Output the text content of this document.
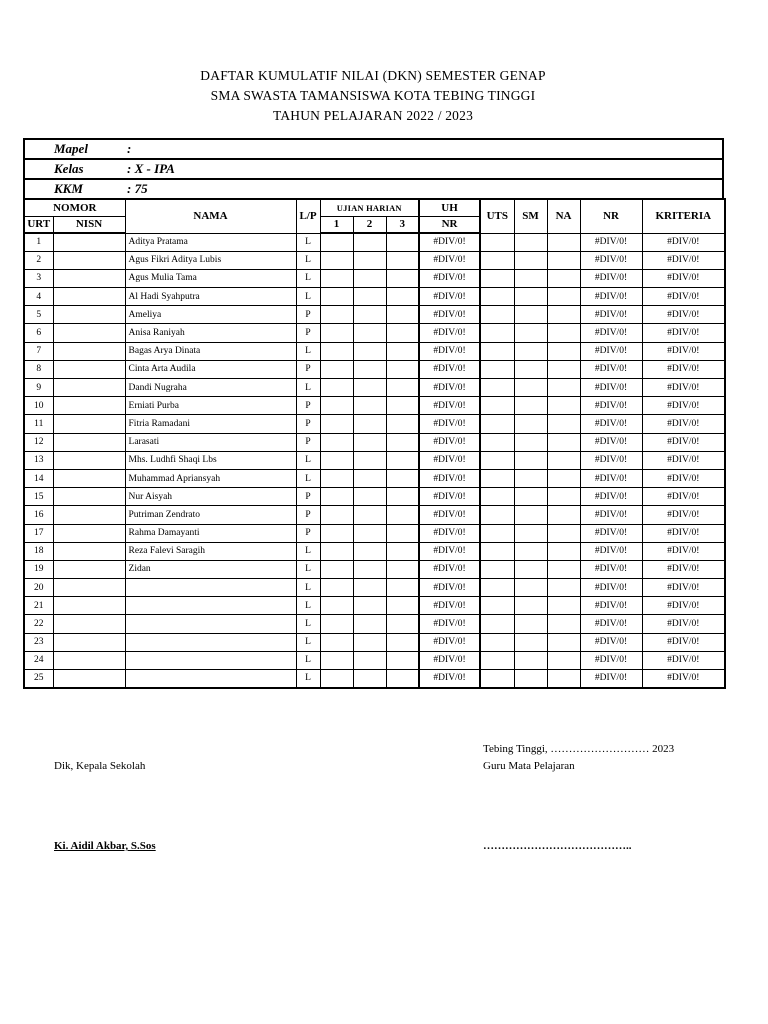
DAFTAR KUMULATIF NILAI (DKN) SEMESTER GENAP
SMA SWASTA TAMANSISWA KOTA TEBING TINGGI
TAHUN PELAJARAN 2022 / 2023
Mapel	:
Kelas	: X - IPA
KKM	: 75
NOMOR		NAMA	L/P	UJIAN HARIAN			UH	UTS	SM	NA	NR	KRITERIA
URT	NISN			1	2	3	NR					
1		Aditya Pratama	L				#DIV/0!				#DIV/0!	#DIV/0!
2		Agus Fikri Aditya Lubis	L				#DIV/0!				#DIV/0!	#DIV/0!
3		Agus Mulia Tama	L				#DIV/0!				#DIV/0!	#DIV/0!
4		Al Hadi Syahputra	L				#DIV/0!				#DIV/0!	#DIV/0!
5		Ameliya	P				#DIV/0!				#DIV/0!	#DIV/0!
6		Anisa Raniyah	P				#DIV/0!				#DIV/0!	#DIV/0!
7		Bagas Arya Dinata	L				#DIV/0!				#DIV/0!	#DIV/0!
8		Cinta Arta Audila	P				#DIV/0!				#DIV/0!	#DIV/0!
9		Dandi Nugraha	L				#DIV/0!				#DIV/0!	#DIV/0!
10		Erniati Purba	P				#DIV/0!				#DIV/0!	#DIV/0!
11		Fitria Ramadani	P				#DIV/0!				#DIV/0!	#DIV/0!
12		Larasati	P				#DIV/0!				#DIV/0!	#DIV/0!
13		Mhs. Ludhfi Shaqi Lbs	L				#DIV/0!				#DIV/0!	#DIV/0!
14		Muhammad Apriansyah	L				#DIV/0!				#DIV/0!	#DIV/0!
15		Nur Aisyah	P				#DIV/0!				#DIV/0!	#DIV/0!
16		Putriman Zendrato	P				#DIV/0!				#DIV/0!	#DIV/0!
17		Rahma Damayanti	P				#DIV/0!				#DIV/0!	#DIV/0!
18		Reza Falevi Saragih	L				#DIV/0!				#DIV/0!	#DIV/0!
19		Zidan	L				#DIV/0!				#DIV/0!	#DIV/0!
20			L				#DIV/0!				#DIV/0!	#DIV/0!
21			L				#DIV/0!				#DIV/0!	#DIV/0!
22			L				#DIV/0!				#DIV/0!	#DIV/0!
23			L				#DIV/0!				#DIV/0!	#DIV/0!
24			L				#DIV/0!				#DIV/0!	#DIV/0!
25			L				#DIV/0!				#DIV/0!	#DIV/0!
Tebing Tinggi, ……………………… 2023
Dik, Kepala Sekolah	Guru Mata Pelajaran
Ki. Aidil Akbar, S.Sos	…………………………………..
